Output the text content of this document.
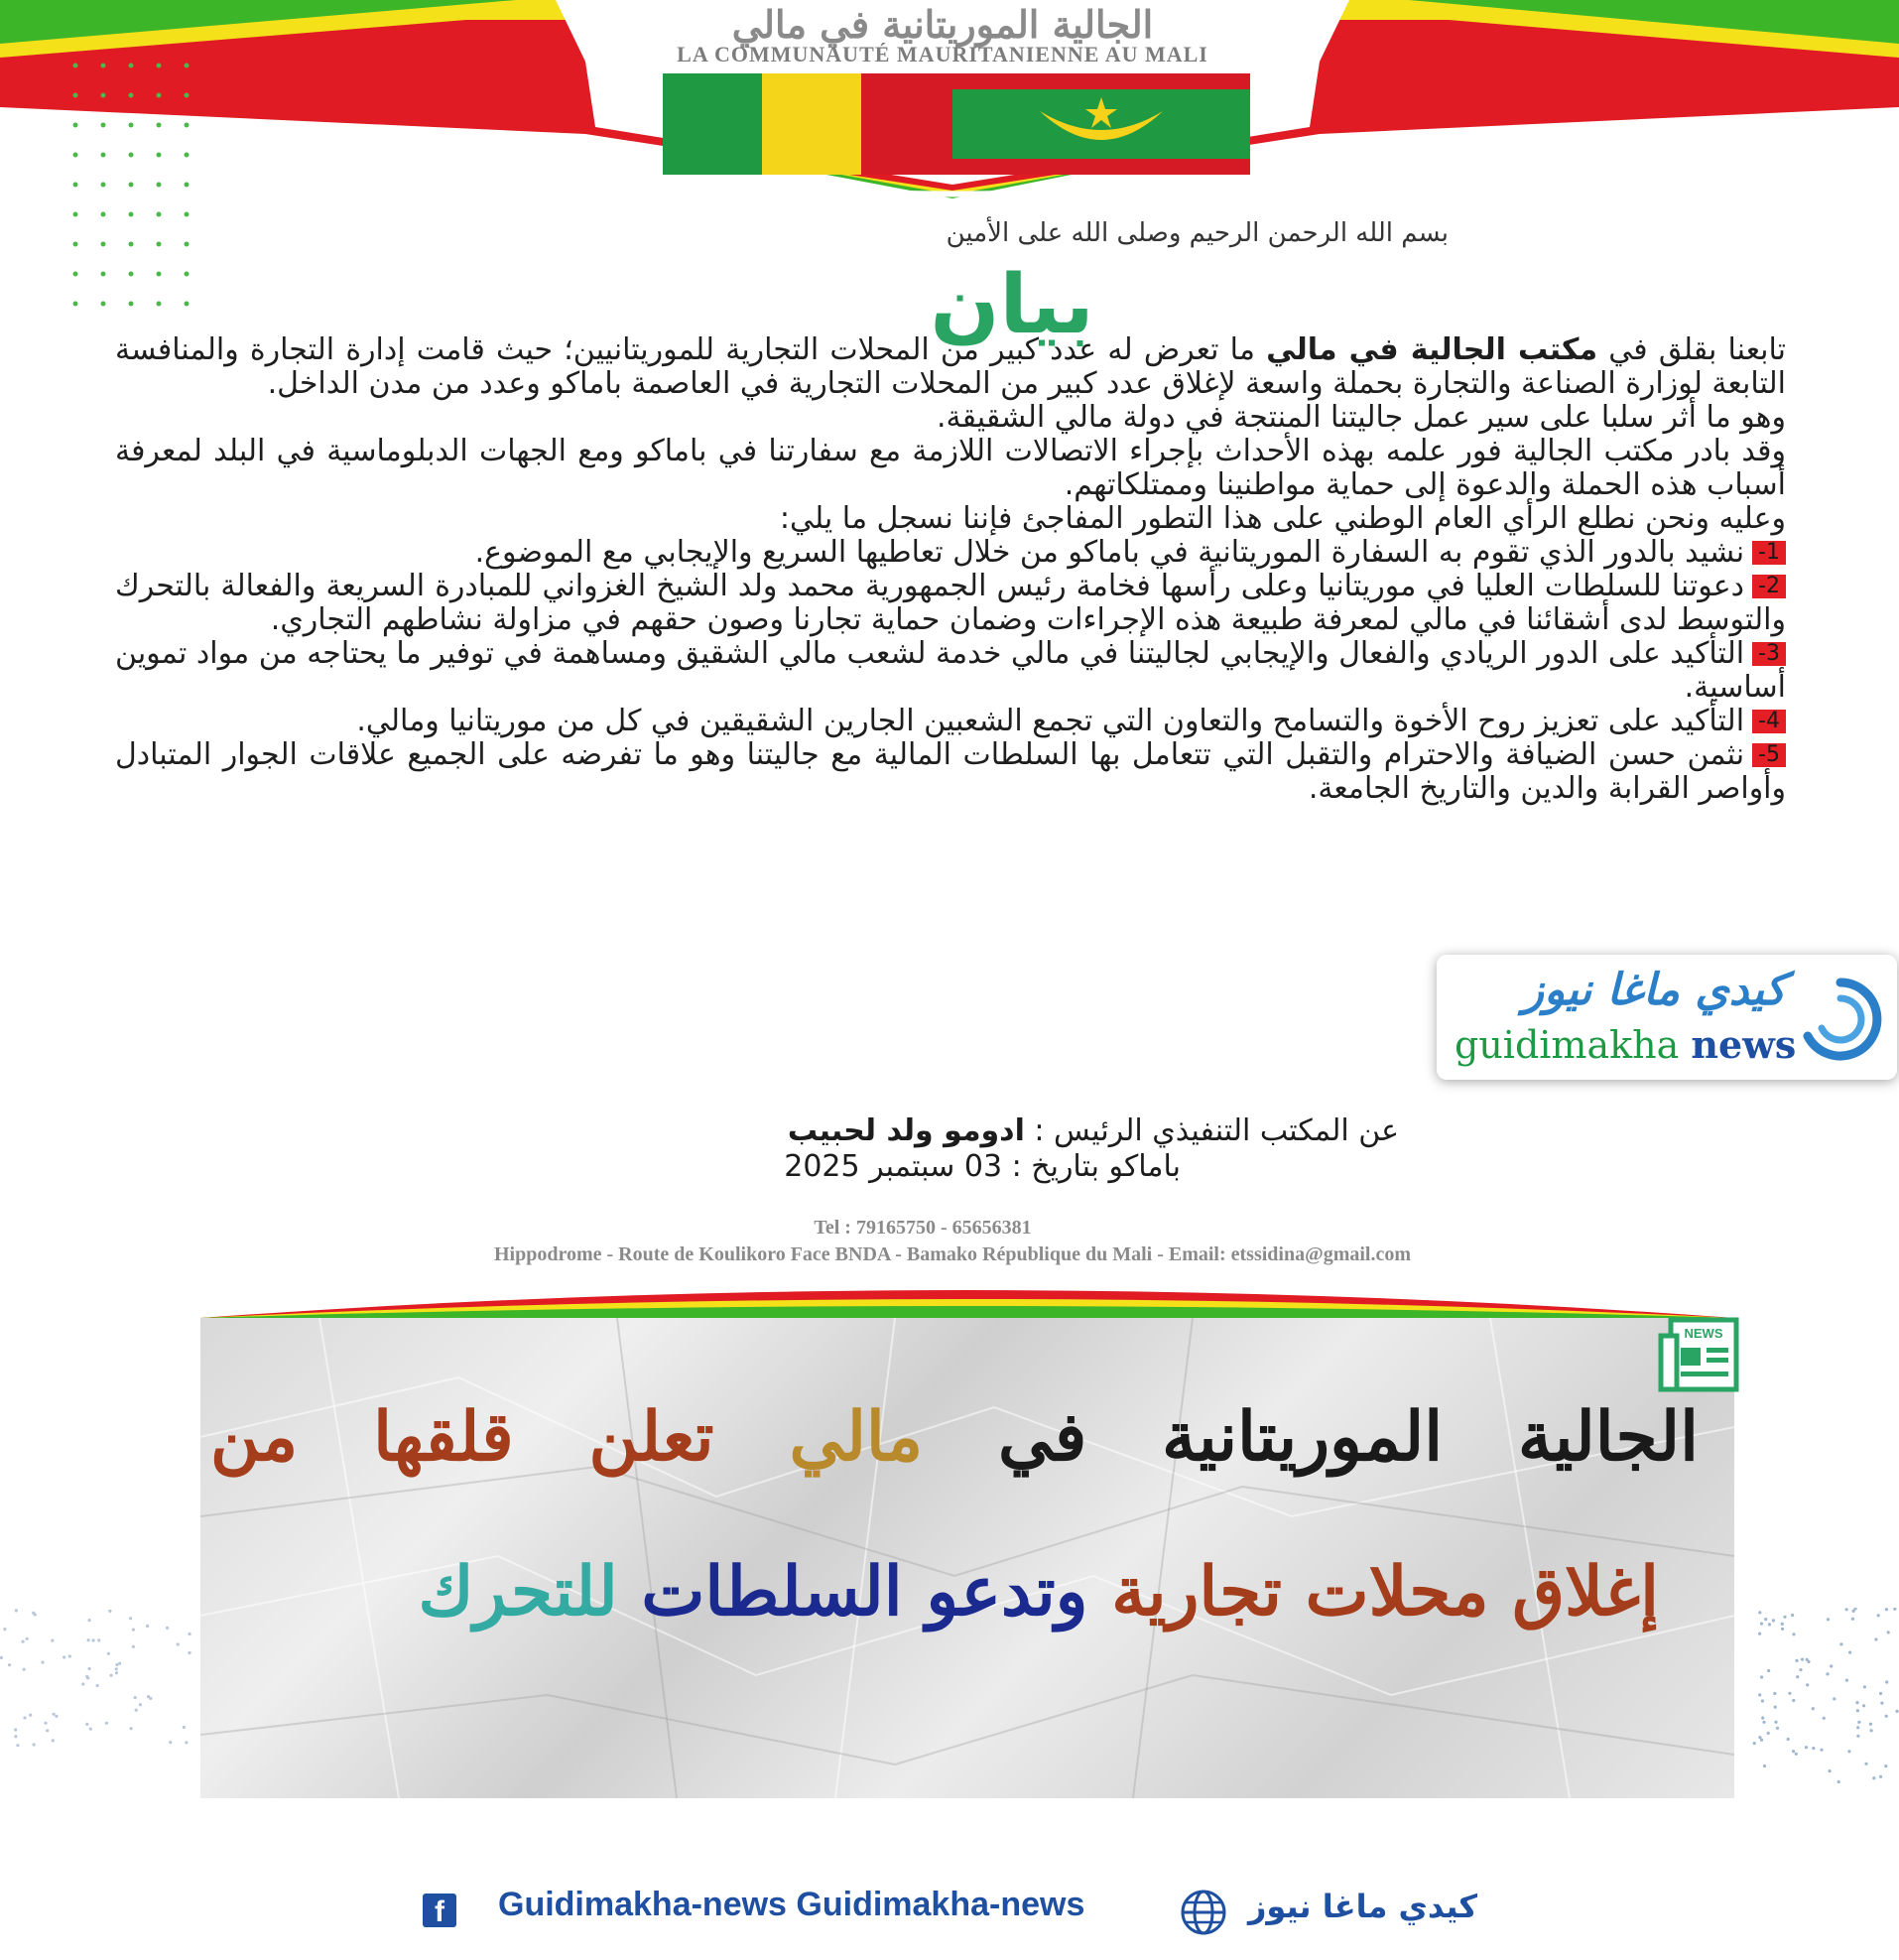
الجالية الموريتانية في مالي
LA COMMUNAUTÉ MAURITANIENNE AU MALI
بسم الله الرحمن الرحيم وصلى الله على الأمين
بيان	تابعنا بقلق في مكتب الجالية في مالي ما تعرض له عدد كبير من المحلات التجارية للموريتانيين؛ حيث قامت إدارة التجارة والمنافسة التابعة لوزارة الصناعة والتجارة بحملة واسعة لإغلاق عدد كبير من المحلات التجارية في العاصمة باماكو وعدد من مدن الداخل.

وهو ما أثر سلبا على سير عمل جاليتنا المنتجة في دولة مالي الشقيقة.

وقد بادر مكتب الجالية فور علمه بهذه الأحداث بإجراء الاتصالات اللازمة مع سفارتنا في باماكو ومع الجهات الدبلوماسية في البلد لمعرفة أسباب هذه الحملة والدعوة إلى حماية مواطنينا وممتلكاتهم.

وعليه ونحن نطلع الرأي العام الوطني على هذا التطور المفاجئ فإننا نسجل ما يلي:

1-نشيد بالدور الذي تقوم به السفارة الموريتانية في باماكو من خلال تعاطيها السريع والإيجابي مع الموضوع.

2-دعوتنا للسلطات العليا في موريتانيا وعلى رأسها فخامة رئيس الجمهورية محمد ولد الشيخ الغزواني للمبادرة السريعة والفعالة بالتحرك والتوسط لدى أشقائنا في مالي لمعرفة طبيعة هذه الإجراءات وضمان حماية تجارنا وصون حقهم في مزاولة نشاطهم التجاري.

3-التأكيد على الدور الريادي والفعال والإيجابي لجاليتنا في مالي خدمة لشعب مالي الشقيق ومساهمة في توفير ما يحتاجه من مواد تموين أساسية.

4-التأكيد على تعزيز روح الأخوة والتسامح والتعاون التي تجمع الشعبين الجارين الشقيقين في كل من موريتانيا ومالي.

5-نثمن حسن الضيافة والاحترام والتقبل التي تتعامل بها السلطات المالية مع جاليتنا وهو ما تفرضه على الجميع علاقات الجوار المتبادل وأواصر القرابة والدين والتاريخ الجامعة.

عن المكتب التنفيذي الرئيس : ادومو ولد لحبيب
باماكو بتاريخ : 03 سبتمبر 2025
Tel : 79165750 - 65656381
Hippodrome - Route de Koulikoro Face BNDA - Bamako République du Mali - Email: etssidina@gmail.com
كيدي ماغا نيوز
guidimakha news
NEWS
الجالية الموريتانية في مالي تعلن قلقها من
إغلاق محلات تجارية وتدعو السلطات للتحرك
f	Guidimakha-news Guidimakha-news	كيدي ماغا نيوز
